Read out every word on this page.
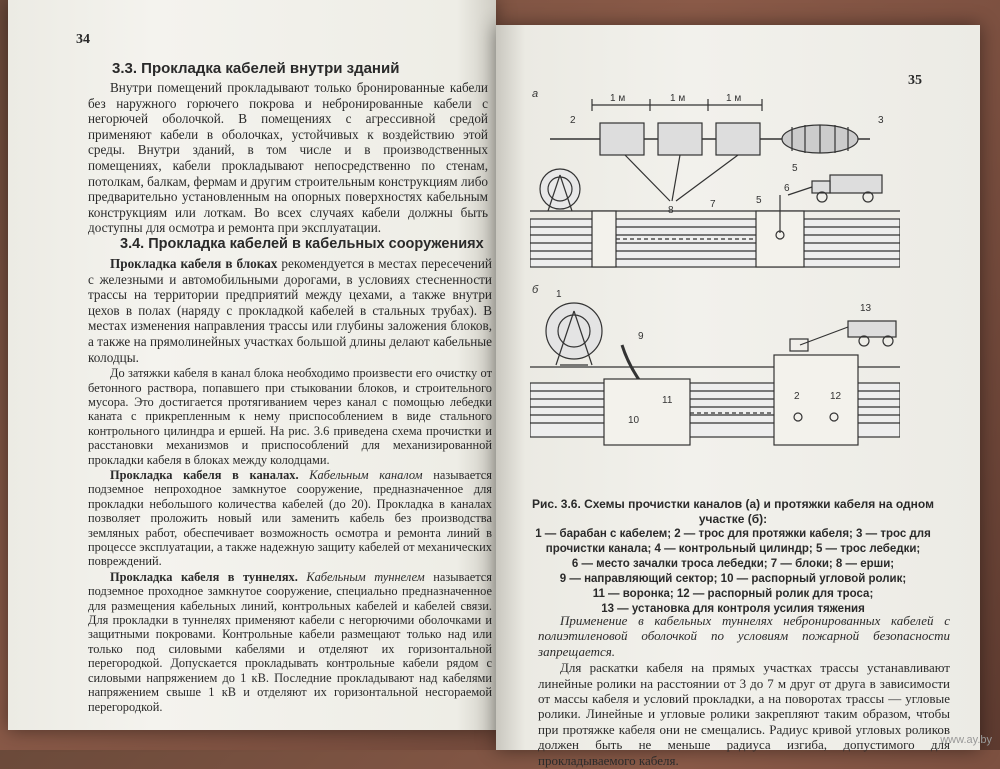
34
3.3. Прокладка кабелей внутри зданий

Внутри помещений прокладывают только бронированные кабели без наружного горючего покрова и небронированные кабели с негорючей оболочкой. В помещениях с агрессивной средой применяют кабели в оболочках, устойчивых к воздействию этой среды. Внутри зданий, в том числе и в производственных помещениях, кабели прокладывают непосредственно по стенам, потолкам, балкам, фермам и другим строительным конструкциям либо предварительно установленным на опорных поверхностях кабельным конструкциям или лоткам. Во всех случаях кабели должны быть доступны для осмотра и ремонта при эксплуатации.

3.4. Прокладка кабелей в кабельных сооружениях

Прокладка кабеля в блоках рекомендуется в местах пересечений с железными и автомобильными дорогами, в условиях стесненности трассы на территории предприятий между цехами, а также внутри цехов в полах (наряду с прокладкой кабелей в стальных трубах). В местах изменения направления трассы или глубины заложения блоков, а также на прямолинейных участках большой длины делают кабельные колодцы.

До затяжки кабеля в канал блока необходимо произвести его очистку от бетонного раствора, попавшего при стыковании блоков, и строительного мусора. Это достигается протягиванием через канал с помощью лебедки каната с прикрепленным к нему приспособлением в виде стального контрольного цилиндра и ершей. На рис. 3.6 приведена схема прочистки и расстановки механизмов и приспособлений для механизированной прокладки кабеля в блоках между колодцами.

Прокладка кабеля в каналах. Кабельным каналом называется подземное непроходное замкнутое сооружение, предназначенное для прокладки небольшого количества кабелей (до 20). Прокладка в каналах позволяет проложить новый или заменить кабель без производства земляных работ, обеспечивает возможность осмотра и ремонта линий в процессе эксплуатации, а также надежную защиту кабелей от механических повреждений.

Прокладка кабеля в туннелях. Кабельным туннелем называется подземное проходное замкнутое сооружение, специально предназначенное для размещения кабельных линий, контрольных кабелей и кабелей связи. Для прокладки в туннелях применяют кабели с негорючими оболочками и защитными покровами. Контрольные кабели размещают только над или только под силовыми кабелями и отделяют их горизонтальной перегородкой. Допускается прокладывать контрольные кабели рядом с силовыми напряжением до 1 кВ. Последние прокладывают над кабелями напряжением свыше 1 кВ и отделяют их горизонтальной несгораемой перегородкой.

35
а	1 м	1 м	1 м
2	3
5
8
6
5
7
б 1
9
10
11	2	12
13
Рис. 3.6. Схемы прочистки каналов (а) и протяжки кабеля на одном участке (б):
1 — барабан с кабелем; 2 — трос для протяжки кабеля; 3 — трос для
прочистки канала; 4 — контрольный цилиндр; 5 — трос лебедки;
6 — место зачалки троса лебедки; 7 — блоки; 8 — ерши;
9 — направляющий сектор; 10 — распорный угловой ролик;
11 — воронка; 12 — распорный ролик для троса;
13 — установка для контроля усилия тяжения

Применение в кабельных туннелях небронированных кабелей с полиэтиленовой оболочкой по условиям пожарной безопасности запрещается.

Для раскатки кабеля на прямых участках трассы устанавливают линейные ролики на расстоянии от 3 до 7 м друг от друга в зависимости от массы кабеля и условий прокладки, а на поворотах трассы — угловые ролики. Линейные и угловые ролики закрепляют таким образом, чтобы при протяжке кабеля они не смещались. Радиус кривой угловых роликов должен быть не меньше радиуса изгиба, допустимого для прокладываемого кабеля.

www.ay.by
